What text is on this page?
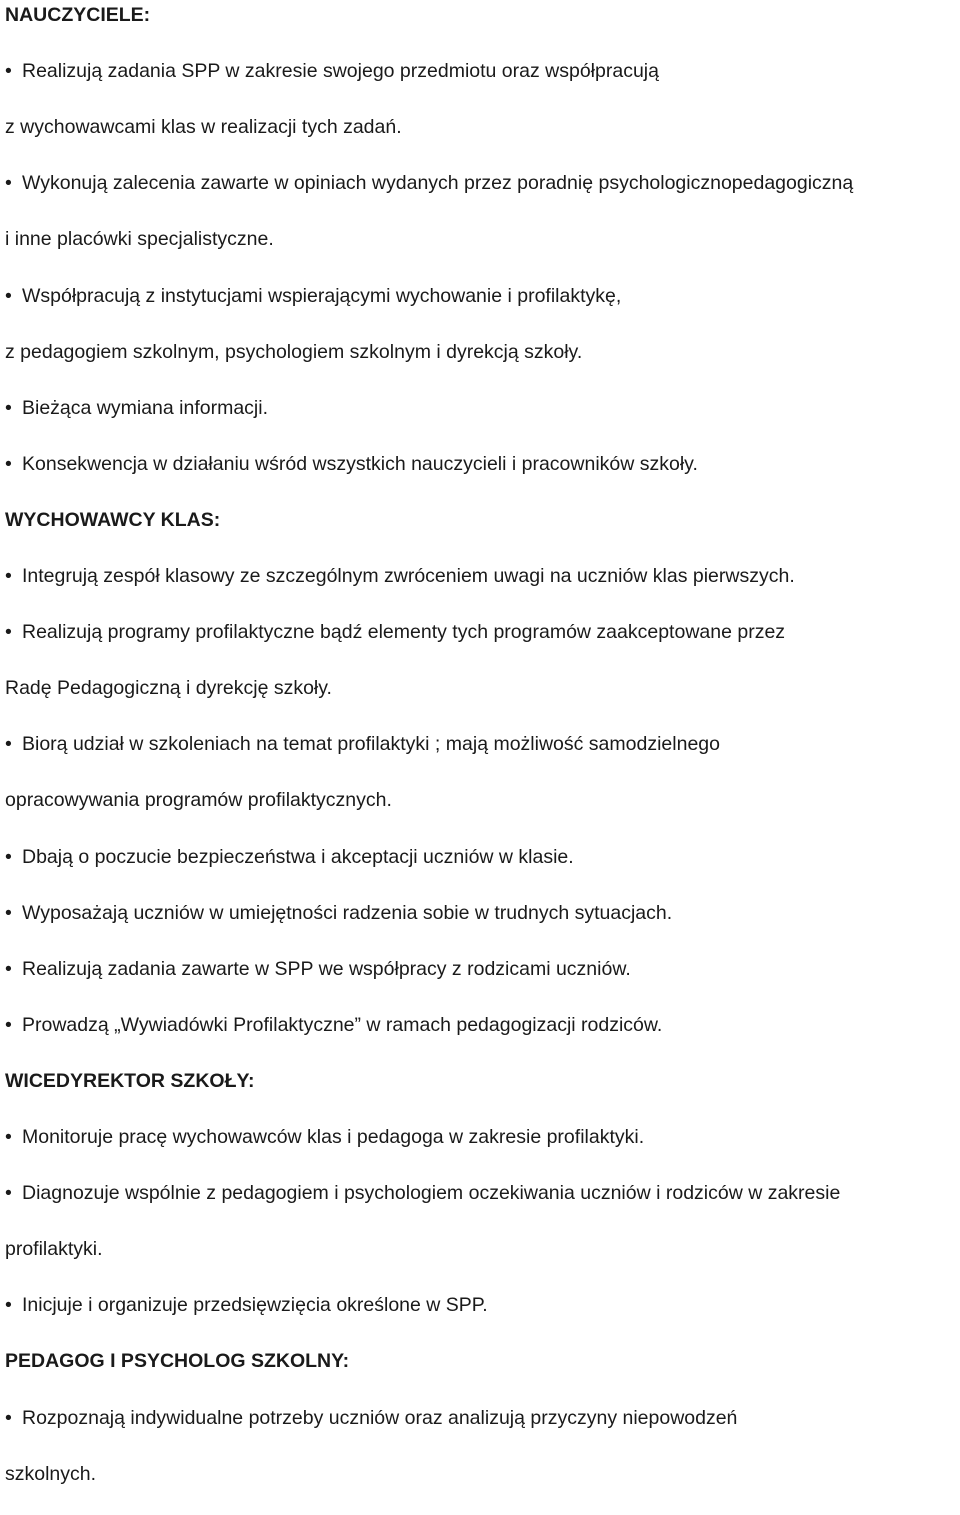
NAUCZYCIELE:
• Realizują zadania SPP w zakresie swojego przedmiotu oraz współpracują
z wychowawcami klas w realizacji tych zadań.
• Wykonują zalecenia zawarte w opiniach wydanych przez poradnię psychologicznopedagogiczną
i inne placówki specjalistyczne.
• Współpracują z instytucjami wspierającymi wychowanie i profilaktykę,
z pedagogiem szkolnym, psychologiem szkolnym i dyrekcją szkoły.
• Bieżąca wymiana informacji.
• Konsekwencja w działaniu wśród wszystkich nauczycieli i pracowników szkoły.
WYCHOWAWCY KLAS:
• Integrują zespół klasowy ze szczególnym zwróceniem uwagi na uczniów klas pierwszych.
• Realizują programy profilaktyczne bądź elementy tych programów zaakceptowane przez
Radę Pedagogiczną i dyrekcję szkoły.
• Biorą udział w szkoleniach na temat profilaktyki ; mają możliwość samodzielnego
opracowywania programów profilaktycznych.
• Dbają o poczucie bezpieczeństwa i akceptacji uczniów w klasie.
• Wyposażają uczniów w umiejętności radzenia sobie w trudnych sytuacjach.
• Realizują zadania zawarte w SPP we współpracy z rodzicami uczniów.
• Prowadzą „Wywiadówki Profilaktyczne” w ramach pedagogizacji rodziców.
WICEDYREKTOR SZKOŁY:
• Monitoruje pracę wychowawców klas i pedagoga w zakresie profilaktyki.
• Diagnozuje wspólnie z pedagogiem i psychologiem oczekiwania uczniów i rodziców w zakresie
profilaktyki.
• Inicjuje i organizuje przedsięwzięcia określone w SPP.
PEDAGOG I PSYCHOLOG SZKOLNY:
• Rozpoznają indywidualne potrzeby uczniów oraz analizują przyczyny niepowodzeń
szkolnych.
